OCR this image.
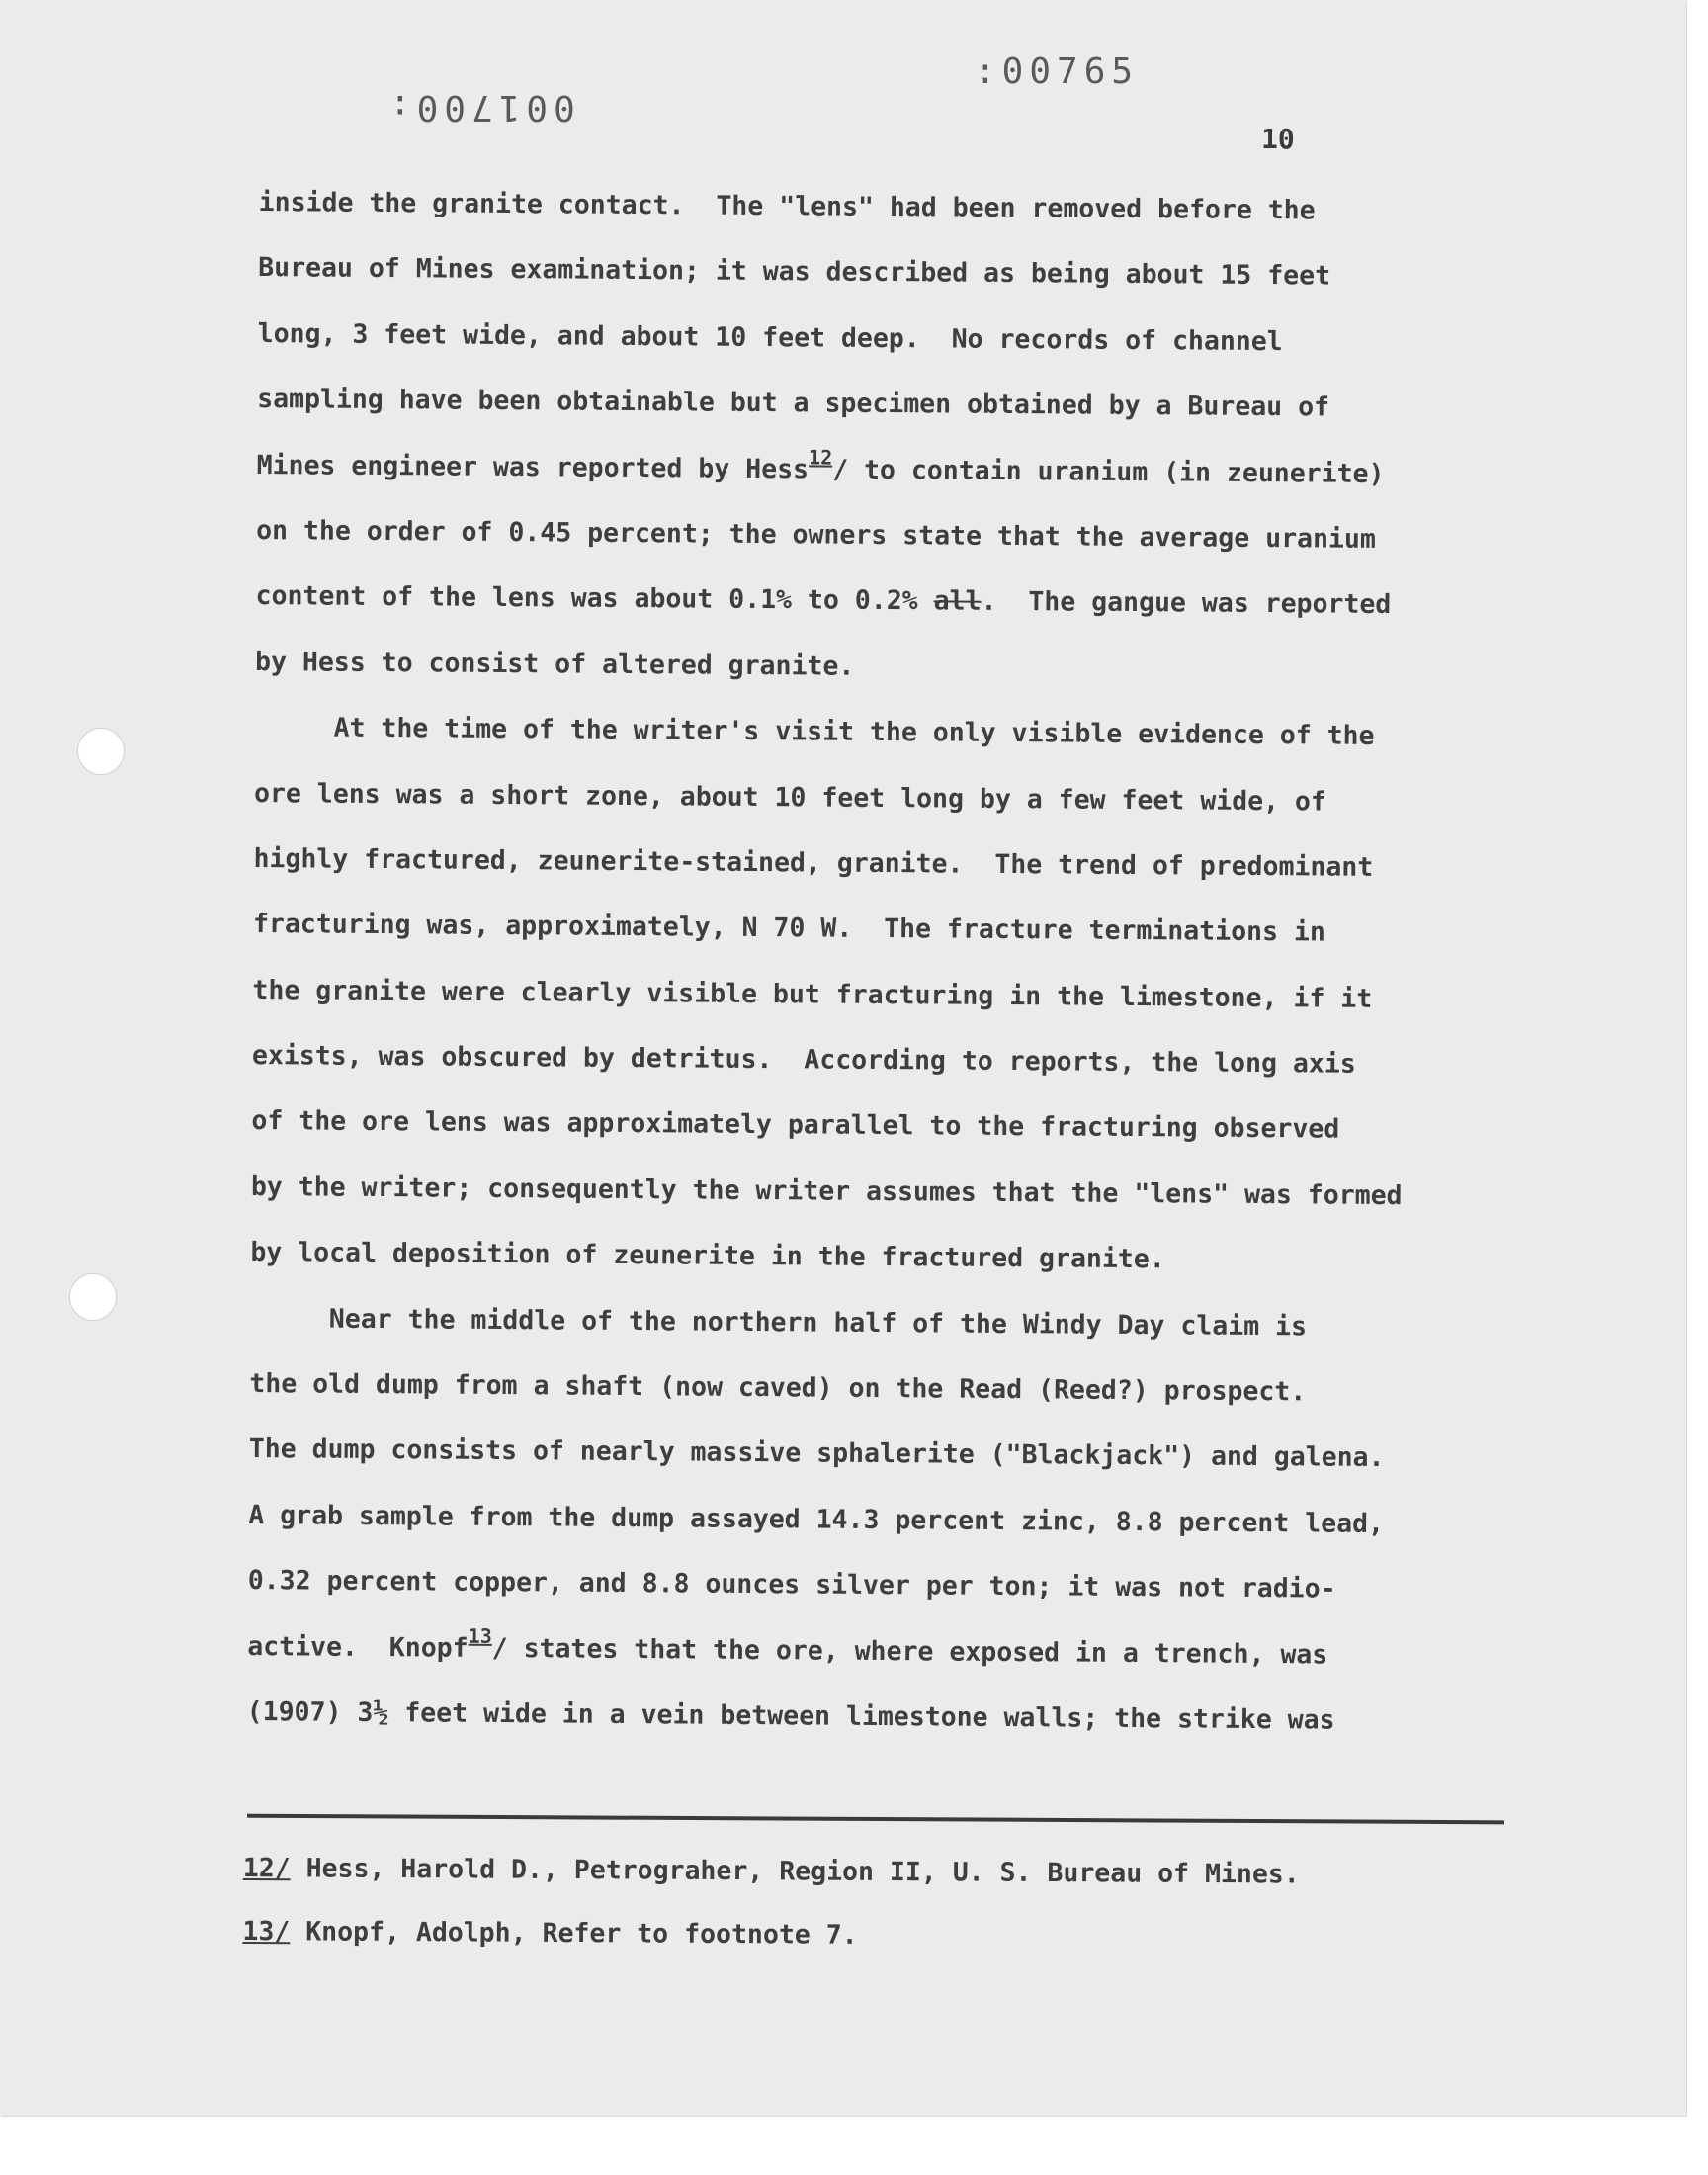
001700:
:00765
10
inside the granite contact.  The "lens" had been removed before the
Bureau of Mines examination; it was described as being about 15 feet
long, 3 feet wide, and about 10 feet deep.  No records of channel
sampling have been obtainable but a specimen obtained by a Bureau of
Mines engineer was reported by Hess$^{12}$/ to contain uranium (in zeunerite)
on the order of 0.45 percent; the owners state that the average uranium
content of the lens was about 0.1% to 0.2% all.  The gangue was reported
by Hess to consist of altered granite.
At the time of the writer's visit the only visible evidence of the
ore lens was a short zone, about 10 feet long by a few feet wide, of
highly fractured, zeunerite-stained, granite.  The trend of predominant
fracturing was, approximately, N 70 W.  The fracture terminations in
the granite were clearly visible but fracturing in the limestone, if it
exists, was obscured by detritus.  According to reports, the long axis
of the ore lens was approximately parallel to the fracturing observed
by the writer; consequently the writer assumes that the "lens" was formed
by local deposition of zeunerite in the fractured granite.
Near the middle of the northern half of the Windy Day claim is
the old dump from a shaft (now caved) on the Read (Reed?) prospect.
The dump consists of nearly massive sphalerite ("Blackjack") and galena.
A grab sample from the dump assayed 14.3 percent zinc, 8.8 percent lead,
0.32 percent copper, and 8.8 ounces silver per ton; it was not radio-
active.  Knopf$^{13}$/ states that the ore, where exposed in a trench, was
(1907) 3½ feet wide in a vein between limestone walls; the strike was
12/ Hess, Harold D., Petrograher, Region II, U. S. Bureau of Mines.
13/ Knopf, Adolph, Refer to footnote 7.
